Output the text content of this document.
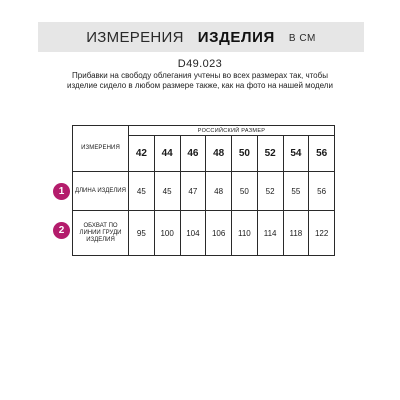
ИЗМЕРЕНИЯ ИЗДЕЛИЯ В СМ
D49.023
Прибавки на свободу облегания учтены во всех размерах так, чтобы изделие сидело в любом размере также, как на фото на нашей модели
1
2
ИЗМЕРЕНИЯ	РОССИЙСКИЙ РАЗМЕР							
	42	44	46	48	50	52	54	56
ДЛИНА ИЗДЕЛИЯ	45	45	47	48	50	52	55	56
ОБХВАТ ПО ЛИНИИ ГРУДИ ИЗДЕЛИЯ	95	100	104	106	110	114	118	122
